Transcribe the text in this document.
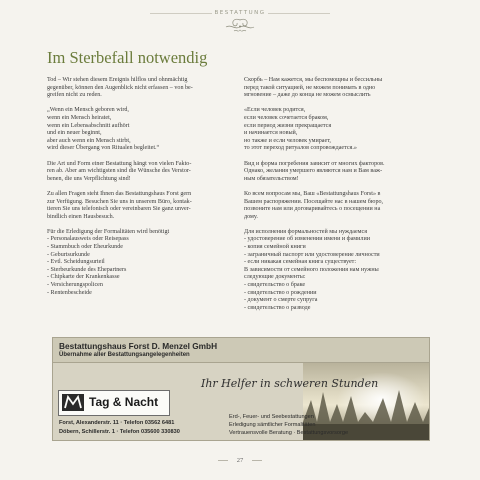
BESTATTUNG
Im Sterbefall notwendig

Tod – Wir stehen diesem Ereignis hilflos und ohnmächtig
gegenüber, können den Augenblick nicht erfassen – von be-
greifen nicht zu reden.

„Wenn ein Mensch geboren wird,
wenn ein Mensch heiratet,
wenn ein Lebensabschnitt aufhört
und ein neuer beginnt,
aber auch wenn ein Mensch stirbt,
wird dieser Übergang von Ritualen begleitet.“

Die Art und Form einer Bestattung hängt von vielen Fakto-
ren ab. Aber am wichtigsten sind die Wünsche des Verstor-
benen, die uns Verpflichtung sind!

Zu allen Fragen steht Ihnen das Bestattungshaus Forst gern
zur Verfügung. Besuchen Sie uns in unserem Büro, kontak-
tieren Sie uns telefonisch oder vereinbaren Sie ganz unver-
bindlich einen Hausbesuch.

Für die Erledigung der Formalitäten wird benötigt
- Personalausweis oder Reisepass
- Stammbuch oder Eheurkunde
- Geburtsurkunde
- Evtl. Scheidungsurteil
- Sterbeurkunde des Ehepartners
- Chipkarte der Krankenkasse
- Versicherungspolicen
- Rentenbescheide

Скорбь – Нам кажется, мы беспомощны и бессильны
перед такой ситуацией, не можем понимать в одно
мгновение – даже до конца не можем осмыслить

«Если человек родится,
если человек сочетается браком,
если период жизни прекращается
и начинается новый,
но также и если человек умирает,
то этот переход ритуалов сопровождается.»

Вид и форма погребения зависит от многих факторов.
Однако, желания умершего являются нам и Вам важ-
ным обязательством!

Ко всем вопросам мы, Ваш «Bestattungshaus Forst» в
Вашем распоряжении. Посещайте нас в нашем бюро,
позвоните нам или договаривайтесь о посещении на
дому.

Для исполнения формальностей мы нуждаемся
- удостоверение об изменении имени и фамилии
- копия семейной книги
- заграничный паспорт или удостоверение личности
- если никакая семейная книга существует:
В зависимости от семейного положения нам нужны
следующие документы:
- свидетельство о браке
- свидетельство о рождении
- документ о смерте супруга
- свидетельство о разводе

Bestattungshaus Forst D. Menzel GmbH
Übernahme aller Bestattungsangelegenheiten
Ihr Helfer in schweren Stunden
Tag & Nacht
Forst, Alexanderstr. 11 · Telefon 03562 6481
Döbern, Schillerstr. 1 · Telefon 035600 330830
Erd-, Feuer- und Seebestattungen
Erledigung sämtlicher Formalitäten
Vertrauensvolle Beratung · Bestattungsvorsorge
27
